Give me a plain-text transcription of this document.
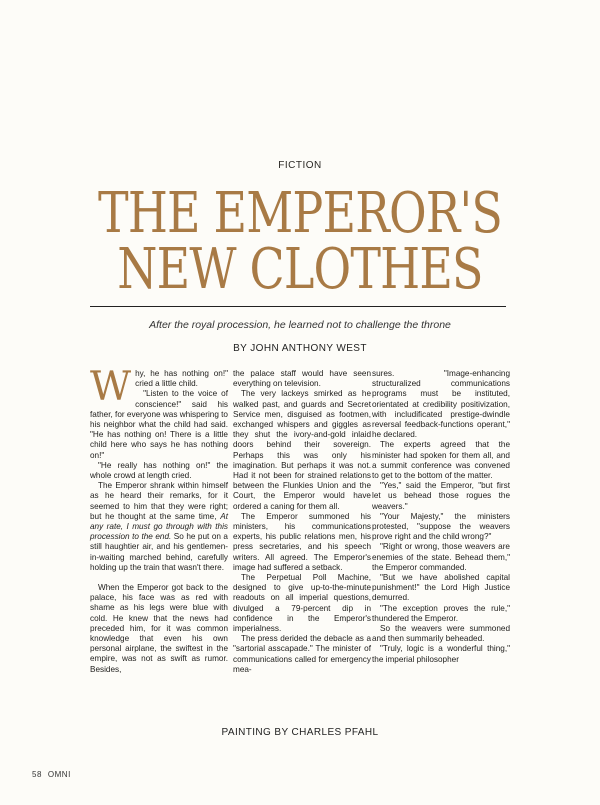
FICTION
THE EMPEROR'S
NEW CLOTHES
After the royal procession, he learned not to challenge the throne
BY JOHN ANTHONY WEST

Why, he has nothing on!" cried a little child.

"Listen to the voice of conscience!" said his father, for everyone was whispering to his neighbor what the child had said. "He has nothing on! There is a little child here who says he has nothing on!"

"He really has nothing on!" the whole crowd at length cried.

The Emperor shrank within himself as he heard their remarks, for it seemed to him that they were right; but he thought at the same time, At any rate, I must go through with this procession to the end. So he put on a still haughtier air, and his gentlemen-in-waiting marched behind, carefully holding up the train that wasn't there.

When the Emperor got back to the palace, his face was as red with shame as his legs were blue with cold. He knew that the news had preceded him, for it was common knowledge that even his own personal airplane, the swiftest in the empire, was not as swift as rumor. Besides,

the palace staff would have seen everything on television.

The very lackeys smirked as he walked past, and guards and Secret Service men, disguised as footmen, exchanged whispers and giggles as they shut the ivory-and-gold inlaid doors behind their sovereign. Perhaps this was only his imagination. But perhaps it was not. Had it not been for strained relations between the Flunkies Union and the Court, the Emperor would have ordered a caning for them all.

The Emperor summoned his ministers, his communications experts, his public relations men, his press secretaries, and his speech writers. All agreed. The Emperor's image had suffered a setback.

The Perpetual Poll Machine, designed to give up-to-the-minute readouts on all imperial questions, divulged a 79-percent dip in confidence in the Emperor's imperialness.

The press derided the debacle as a "sartorial asscapade." The minister of communications called for emergency mea-

sures. "Image-enhancing structuralized communications programs must be instituted, orientated at credibility positivization, with includificated prestige-dwindle reversal feedback-functions operant," he declared.

The experts agreed that the minister had spoken for them all, and a summit conference was convened to get to the bottom of the matter.

"Yes," said the Emperor, "but first let us behead those rogues the weavers."

"Your Majesty," the ministers protested, "suppose the weavers prove right and the child wrong?"

"Right or wrong, those weavers are enemies of the state. Behead them," the Emperor commanded.

"But we have abolished capital punishment!" the Lord High Justice demurred.

"The exception proves the rule," thundered the Emperor.

So the weavers were summoned and then summarily beheaded.

"Truly, logic is a wonderful thing," the imperial philosopher

PAINTING BY CHARLES PFAHL
58 OMNI
